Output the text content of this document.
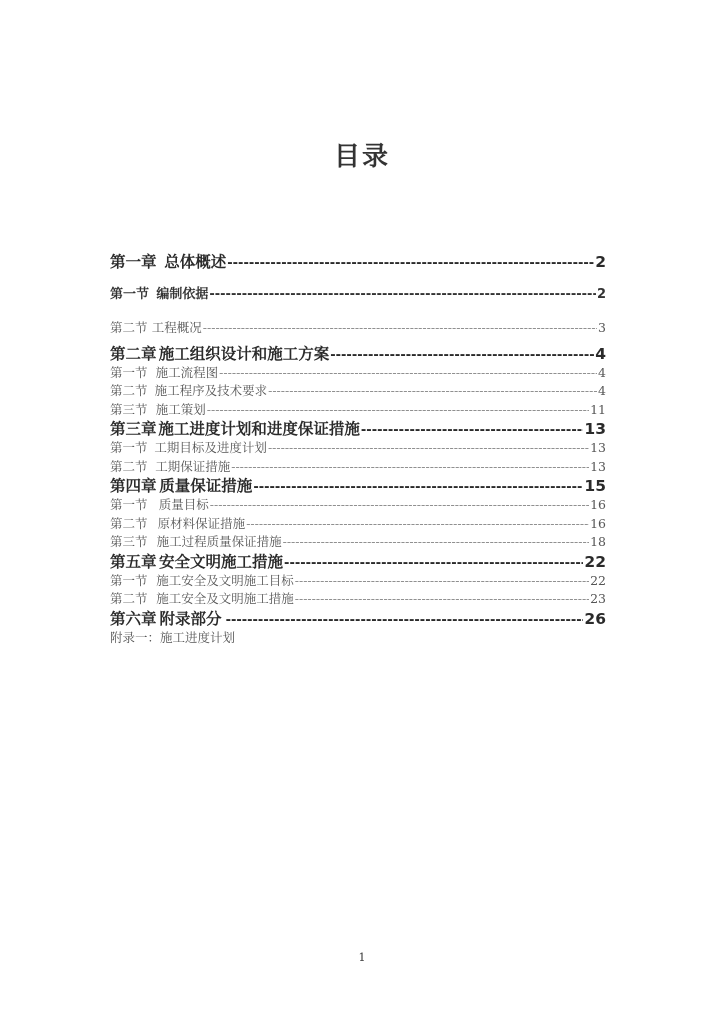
目录
第一章 总体概述 -----	2
第一节 编制依据 -----	2
第二节 工程概况 -----	3
第二章 施工组织设计和施工方案 -----	4
第一节 施工流程图 -----	4
第二节 施工程序及技术要求 -----	4
第三节 施工策划 -----	11
第三章 施工进度计划和进度保证措施 -----	13
第一节 工期目标及进度计划 -----	13
第二节 工期保证措施 -----	13
第四章 质量保证措施 -----	15
第一节 质量目标 -----	16
第二节 原材料保证措施 -----	16
第三节 施工过程质量保证措施 -----	18
第五章 安全文明施工措施 -----	22
第一节 施工安全及文明施工目标 -----	22
第二节 施工安全及文明施工措施 -----	23
第六章 附录部分 -----	26
附录一： 施工进度计划
1
